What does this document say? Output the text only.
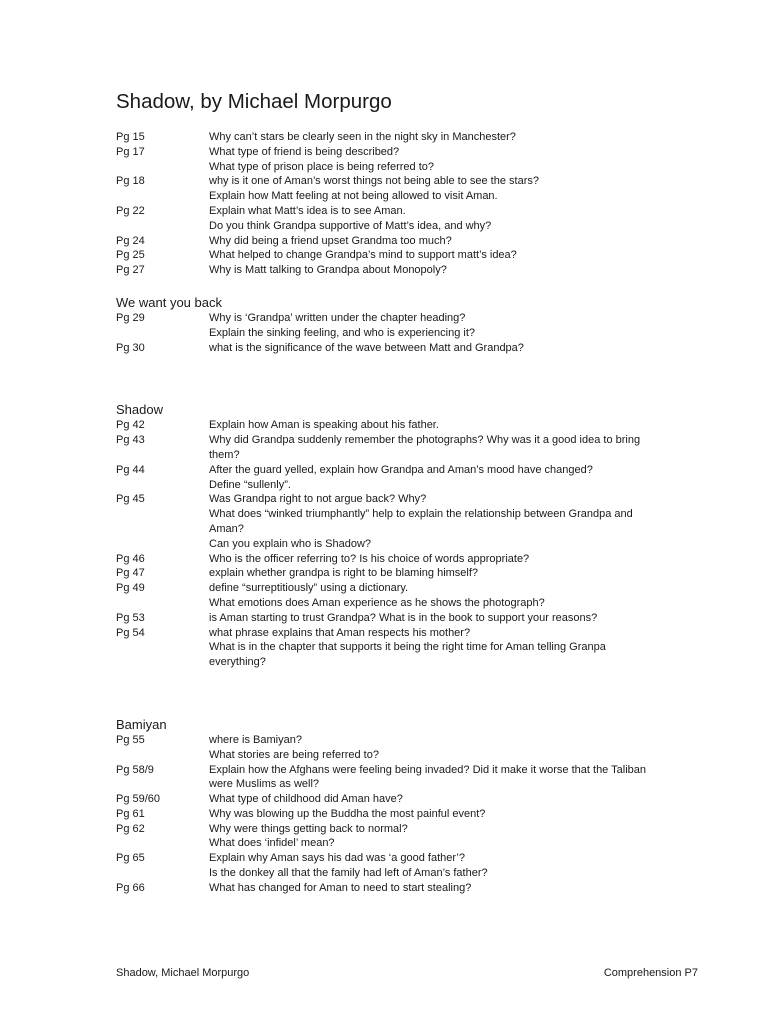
Shadow, by Michael Morpurgo
Pg 15	Why can’t stars be clearly seen in the night sky in Manchester?
Pg 17	What type of friend is being described?
What type of prison place is being referred to?
Pg 18	why is it one of Aman’s worst things not being able to see the stars?
Explain how Matt feeling at not being allowed to visit Aman.
Pg 22	Explain what Matt’s idea is to see Aman.
Do you think Grandpa supportive of Matt’s idea, and why?
Pg 24	Why did being a friend upset Grandma too much?
Pg 25	What helped to change Grandpa’s mind to support matt’s idea?
Pg 27	Why is Matt talking to Grandpa about Monopoly?
We want you back
Pg 29	Why is ‘Grandpa’ written under the chapter heading?
Explain the sinking feeling, and who is experiencing it?
Pg 30	what is the significance of the wave between Matt and Grandpa?
Shadow
Pg 42	Explain how Aman is speaking about his father.
Pg 43	Why did Grandpa suddenly remember the photographs? Why was it a good idea to bring them?
Pg 44	After the guard yelled, explain how Grandpa and Aman’s mood have changed?
Define “sullenly”.
Pg 45	Was Grandpa right to not argue back? Why?
What does “winked triumphantly” help to explain the relationship between Grandpa and Aman?
Can you explain who is Shadow?
Pg 46	Who is the officer referring to? Is his choice of words appropriate?
Pg 47	explain whether grandpa is right to be blaming himself?
Pg 49	define “surreptitiously” using a dictionary.
What emotions does Aman experience as he shows the photograph?
Pg 53	is Aman starting to trust Grandpa? What is in the book to support your reasons?
Pg 54	what phrase explains that Aman respects his mother?
What is in the chapter that supports it being the right time for Aman telling Granpa everything?
Bamiyan
Pg 55	where is Bamiyan?
What stories are being referred to?
Pg 58/9	Explain how the Afghans were feeling being invaded? Did it make it worse that the Taliban were Muslims as well?
Pg 59/60	What type of childhood did Aman have?
Pg 61	Why was blowing up the Buddha the most painful event?
Pg 62	Why were things getting back to normal?
What does ‘infidel’ mean?
Pg 65	Explain why Aman says his dad was ‘a good father’?
Is the donkey all that the family had left of Aman’s father?
Pg 66	What has changed for Aman to need to start stealing?
Shadow, Michael Morpurgo	Comprehension P7
